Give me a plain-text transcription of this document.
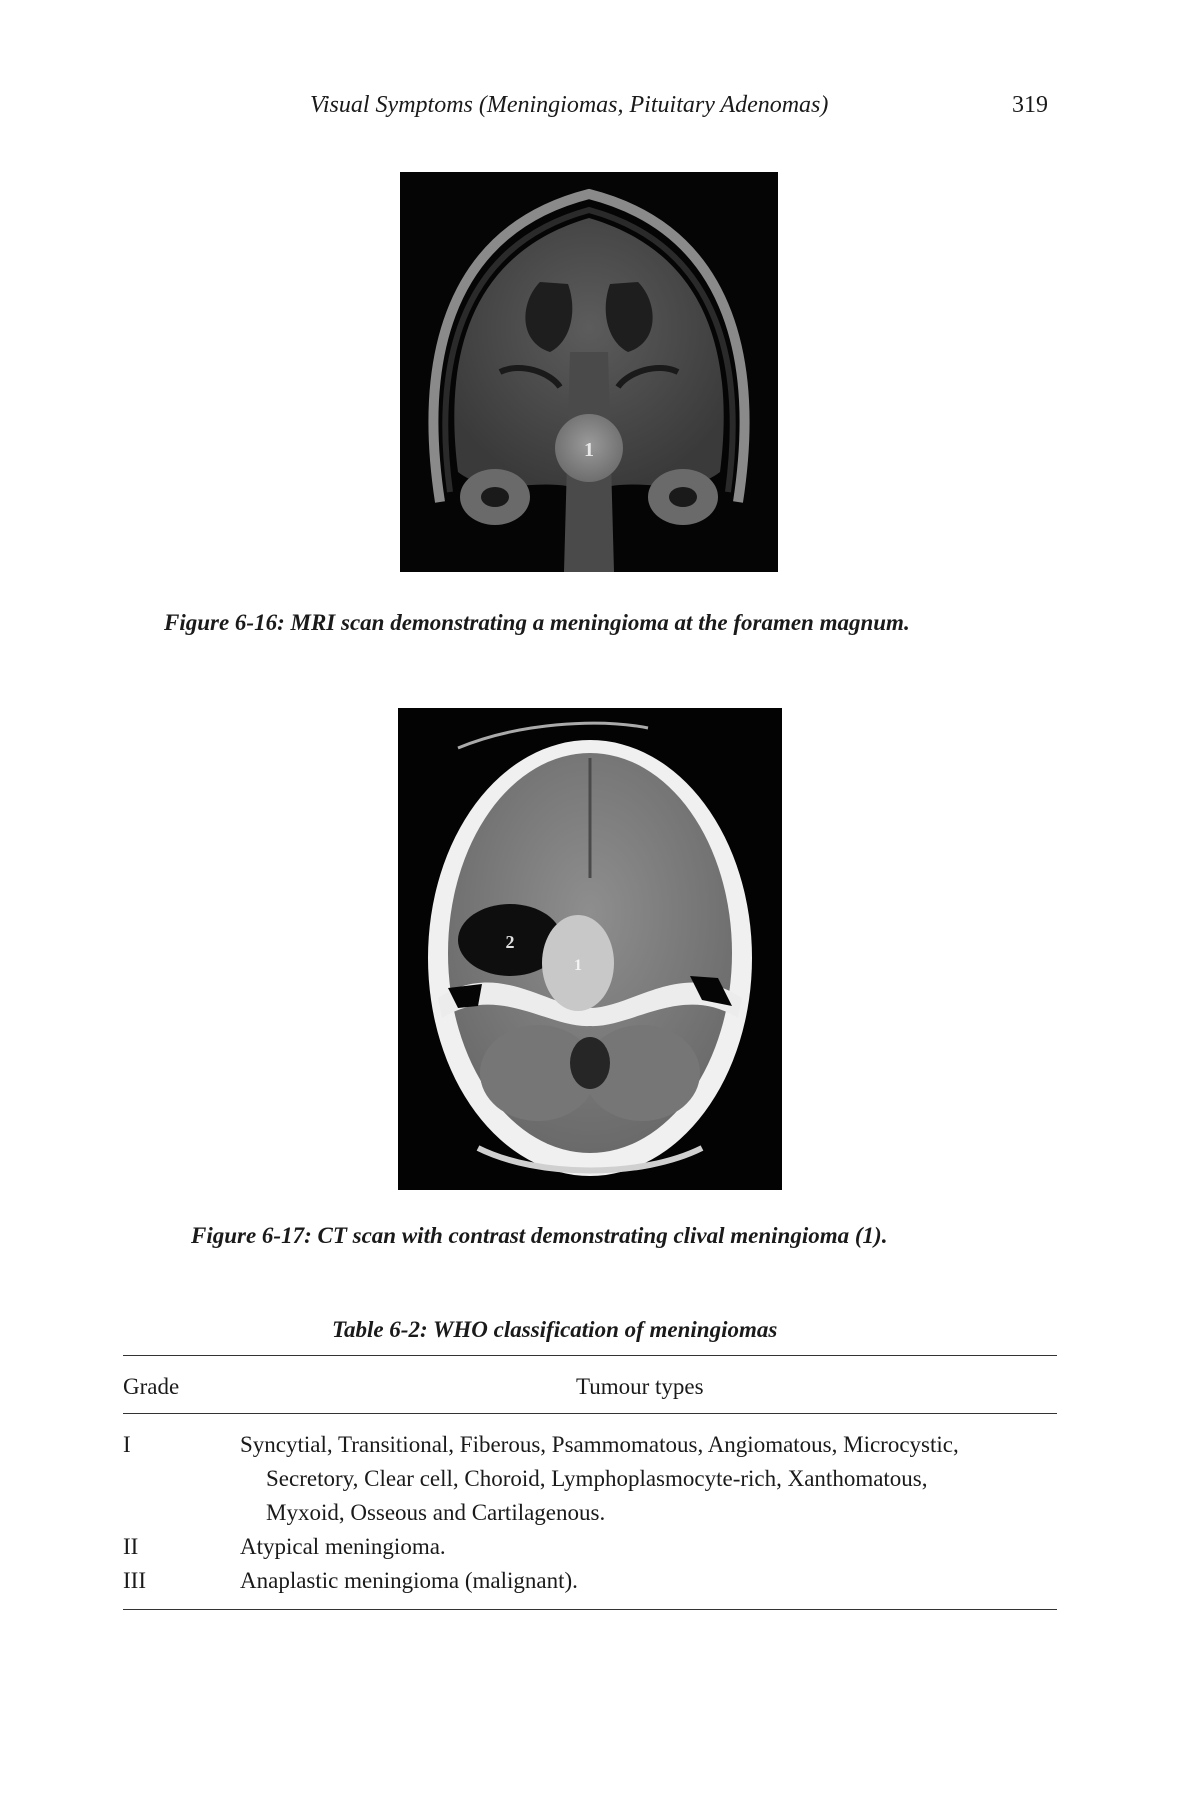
Visual Symptoms (Meningiomas, Pituitary Adenomas)	319
1
Figure 6-16: MRI scan demonstrating a meningioma at the foramen magnum.
2
1
Figure 6-17: CT scan with contrast demonstrating clival meningioma (1).
Table 6-2: WHO classification of meningiomas
Grade	Tumour types
I	Syncytial, Transitional, Fiberous, Psammomatous, Angiomatous, Microcystic,
Secretory, Clear cell, Choroid, Lymphoplasmocyte-rich, Xanthomatous,
Myxoid, Osseous and Cartilagenous.
II	Atypical meningioma.
III	Anaplastic meningioma (malignant).
